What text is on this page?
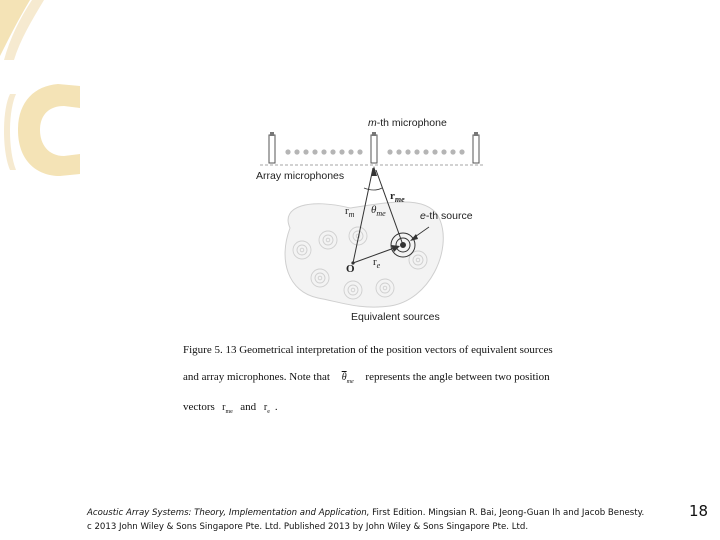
m-th microphone
Array microphones
$r_{me}$
$r_m$ $\theta_{me}$	e-th source
O
$r_e$
Equivalent sources
Figure 5. 13 Geometrical interpretation of the position vectors of equivalent sources
and array microphones. Note that $\overline{\theta}_{me}$ represents the angle between two position
vectors $r_{me}$ and $r_e$ .
Acoustic Array Systems: Theory, Implementation and Application, First Edition. Mingsian R. Bai, Jeong-Guan Ih and Jacob Benesty.
c 2013 John Wiley & Sons Singapore Pte. Ltd. Published 2013 by John Wiley & Sons Singapore Pte. Ltd.
18
